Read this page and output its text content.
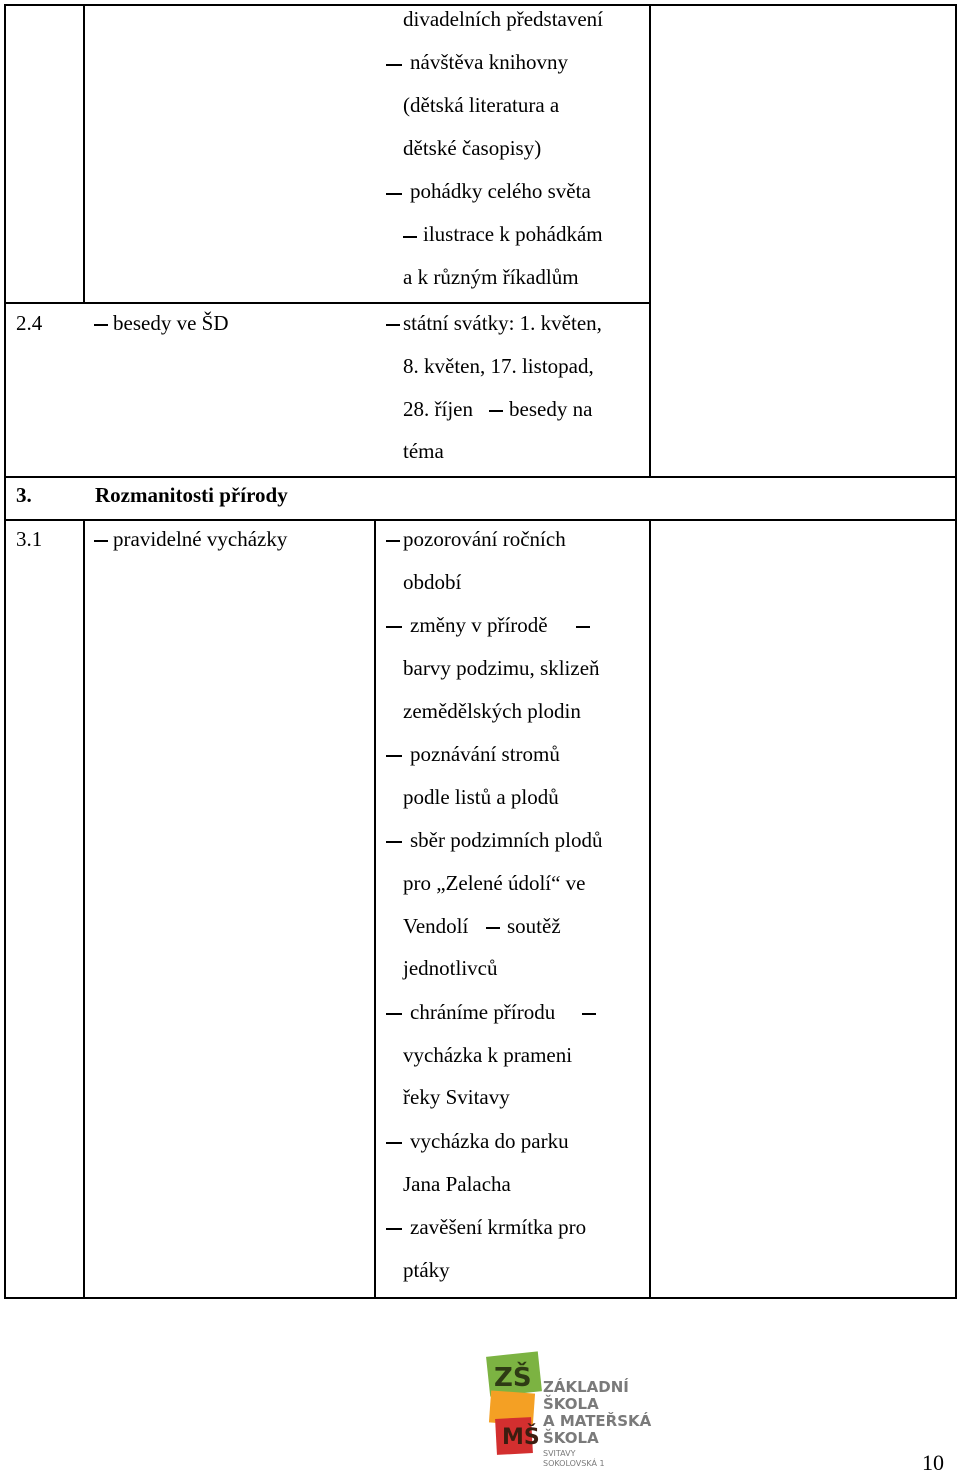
divadelních představení
návštěva knihovny
(dětská literatura a
dětské časopisy)
pohádky celého světa
ilustrace k pohádkám
a k různým říkadlům
2.4	besedy ve ŠD	státní svátky: 1. květen,
8. květen, 17. listopad,
28. říjen besedy na
téma
3.	Rozmanitosti přírody
3.1	pravidelné vycházky	pozorování ročních
období
změny v přírodě
barvy podzimu, sklizeň
zemědělských plodin
poznávání stromů
podle listů a plodů
sběr podzimních plodů
pro „Zelené údolí“ ve
Vendolí soutěž
jednotlivců
chráníme přírodu
vycházka k prameni
řeky Svitavy
vycházka do parku
Jana Palacha
zavěšení krmítka pro
ptáky
ZŠ
MŠ
ZÁKLADNÍ
ŠKOLA
A MATEŘSKÁ
ŠKOLA
SVITAVY
SOKOLOVSKÁ 1	10
